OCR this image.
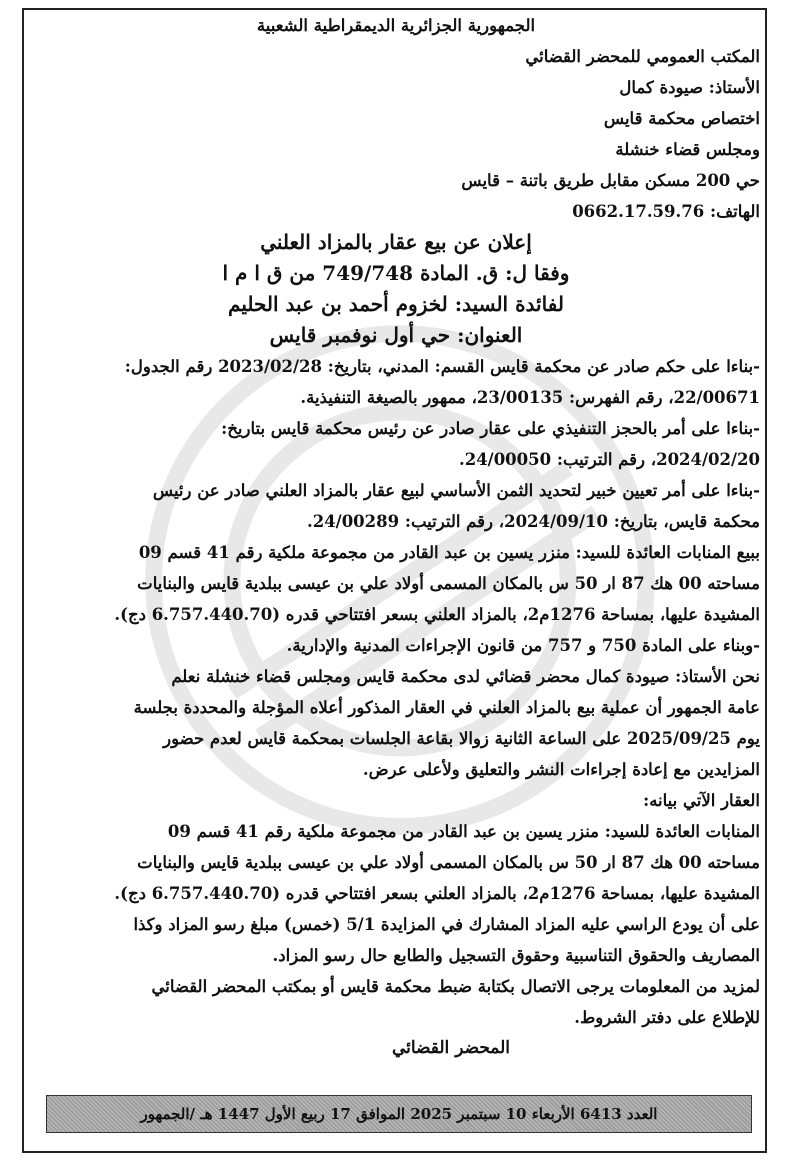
الجمهورية الجزائرية الديمقراطية الشعبية
المكتب العمومي للمحضر القضائي
الأستاذ: صيودة كمال
اختصاص محكمة قايس
ومجلس قضاء خنشلة
حي 200 مسكن مقابل طريق باتنة – قايس
الهاتف: 0662.17.59.76
إعلان عن بيع عقار بالمزاد العلني
وفقا ل: ق. المادة 749/748 من ق ا م ا
لفائدة السيد: لخزوم أحمد بن عبد الحليم
العنوان: حي أول نوفمبر قايس
-بناءا على حكم صادر عن محكمة قايس القسم: المدني، بتاريخ: 2023/02/28 رقم الجدول:
22/00671، رقم الفهرس: 23/00135، ممهور بالصيغة التنفيذية.
-بناءا على أمر بالحجز التنفيذي على عقار صادر عن رئيس محكمة قايس بتاريخ:
2024/02/20، رقم الترتيب: 24/00050.
-بناءا على أمر تعيين خبير لتحديد الثمن الأساسي لبيع عقار بالمزاد العلني صادر عن رئيس
محكمة قايس، بتاريخ: 2024/09/10، رقم الترتيب: 24/00289.
ببيع المنابات العائدة للسيد: منزر يسين بن عبد القادر من مجموعة ملكية رقم 41 قسم 09
مساحته 00 هك 87 ار 50 س بالمكان المسمى أولاد علي بن عيسى ببلدية قايس والبنايات
المشيدة عليها، بمساحة 1276م2، بالمزاد العلني بسعر افتتاحي قدره (6.757.440.70 دج).
-وبناء على المادة 750 و 757 من قانون الإجراءات المدنية والإدارية.
نحن الأستاذ: صيودة كمال محضر قضائي لدى محكمة قايس ومجلس قضاء خنشلة نعلم
عامة الجمهور أن عملية بيع بالمزاد العلني في العقار المذكور أعلاه المؤجلة والمحددة بجلسة
يوم 2025/09/25 على الساعة الثانية زوالا بقاعة الجلسات بمحكمة قايس لعدم حضور
المزايدين مع إعادة إجراءات النشر والتعليق ولأعلى عرض.
العقار الآتي بيانه:
المنابات العائدة للسيد: منزر يسين بن عبد القادر من مجموعة ملكية رقم 41 قسم 09
مساحته 00 هك 87 ار 50 س بالمكان المسمى أولاد علي بن عيسى ببلدية قايس والبنايات
المشيدة عليها، بمساحة 1276م2، بالمزاد العلني بسعر افتتاحي قدره (6.757.440.70 دج).
على أن يودع الراسي عليه المزاد المشارك في المزايدة 5/1 (خمس) مبلغ رسو المزاد وكذا
المصاريف والحقوق التناسبية وحقوق التسجيل والطابع حال رسو المزاد.
لمزيد من المعلومات يرجى الاتصال بكتابة ضبط محكمة قايس أو بمكتب المحضر القضائي
للإطلاع على دفتر الشروط.
المحضر القضائي
العدد 6413 الأربعاء 10 سبتمبر 2025 الموافق 17 ربيع الأول 1447 هـ /الجمهور
